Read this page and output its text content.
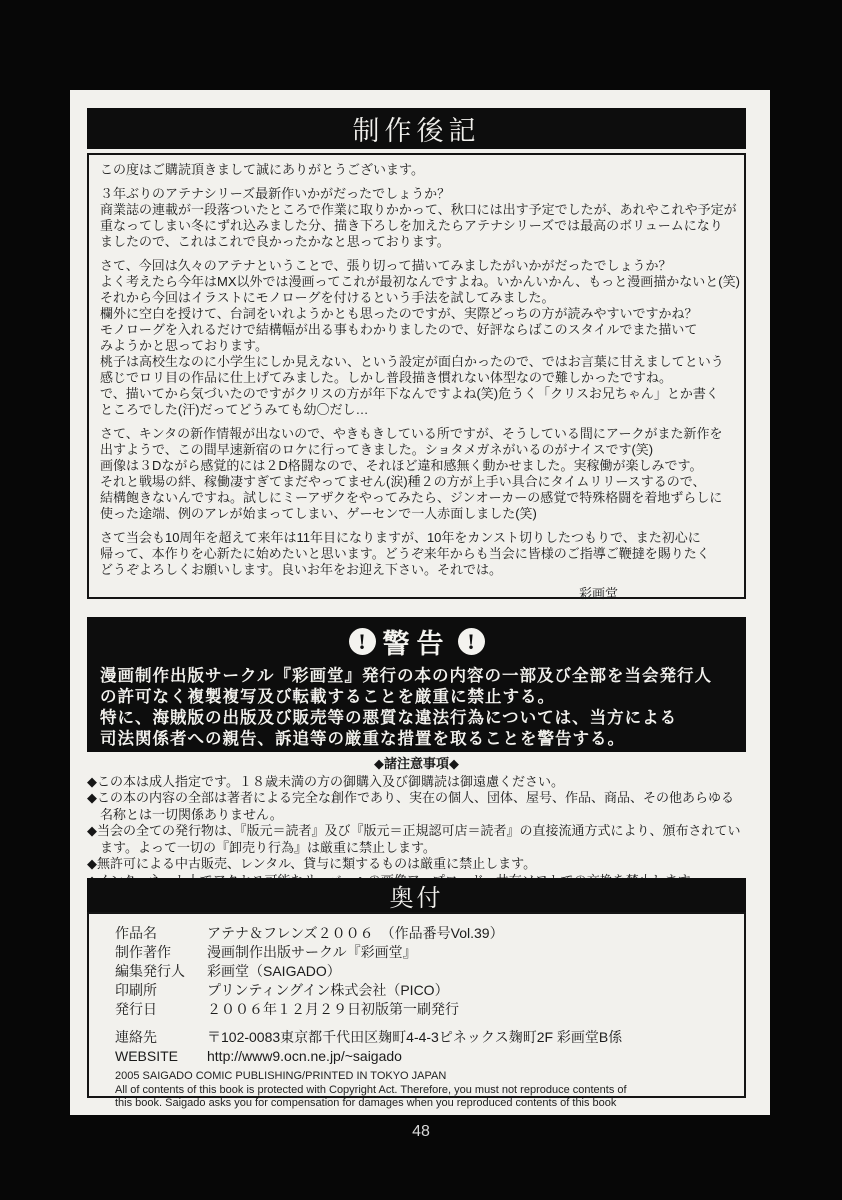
制作後記
この度はご購読頂きまして誠にありがとうございます。
３年ぶりのアテナシリーズ最新作いかがだったでしょうか？
商業誌の連載が一段落ついたところで作業に取りかかって、秋口には出す予定でしたが、あれやこれや予定が
重なってしまい冬にずれ込みました分、描き下ろしを加えたらアテナシリーズでは最高のボリュームになり
ましたので、これはこれで良かったかなと思っております。
さて、今回は久々のアテナということで、張り切って描いてみましたがいかがだったでしょうか？
よく考えたら今年はMX以外では漫画ってこれが最初なんですよね。いかんいかん、もっと漫画描かないと(笑)
それから今回はイラストにモノローグを付けるという手法を試してみました。
欄外に空白を授けて、台詞をいれようかとも思ったのですが、実際どっちの方が読みやすいですかね？
モノローグを入れるだけで結構幅が出る事もわかりましたので、好評ならばこのスタイルでまた描いて
みようかと思っております。
桃子は高校生なのに小学生にしか見えない、という設定が面白かったので、ではお言葉に甘えましてという
感じでロリ目の作品に仕上げてみました。しかし普段描き慣れない体型なので難しかったですね。
で、描いてから気づいたのですがクリスの方が年下なんですよね(笑)危うく「クリスお兄ちゃん」とか書く
ところでした(汗)だってどうみても幼〇だし…
さて、キンタの新作情報が出ないので、やきもきしている所ですが、そうしている間にアークがまた新作を
出すようで、この間早速新宿のロケに行ってきました。ショタメガネがいるのがナイスです(笑)
画像は３Dながら感覚的には２D格闘なので、それほど違和感無く動かせました。実稼働が楽しみです。
それと戦場の絆、稼働凄すぎてまだやってません(涙)種２の方が上手い具合にタイムリリースするので、
結構飽きないんですね。試しにミーアザクをやってみたら、ジンオーカーの感覚で特殊格闘を着地ずらしに
使った途端、例のアレが始まってしまい、ゲーセンで一人赤面しました(笑)
さて当会も10周年を超えて来年は11年目になりますが、10年をカンスト切りしたつもりで、また初心に
帰って、本作りを心新たに始めたいと思います。どうぞ来年からも当会に皆様のご指導ご鞭撻を賜りたく
どうぞよろしくお願いします。良いお年をお迎え下さい。それでは。
彩画堂
! 警告 !
漫画制作出版サークル『彩画堂』発行の本の内容の一部及び全部を当会発行人
の許可なく複製複写及び転載することを厳重に禁止する。
特に、海賊版の出版及び販売等の悪質な違法行為については、当方による
司法関係者への親告、訴追等の厳重な措置を取ることを警告する。
◆諸注意事項◆
◆この本は成人指定です。１８歳未満の方の御購入及び御購読は御遠慮ください。
◆この本の内容の全部は著者による完全な創作であり、実在の個人、団体、屋号、作品、商品、その他あらゆる名称とは一切関係ありません。
◆当会の全ての発行物は、『版元＝読者』及び『版元＝正規認可店＝読者』の直接流通方式により、頒布されています。よって一切の『卸売り行為』は厳重に禁止します。
◆無許可による中古販売、レンタル、貸与に類するものは厳重に禁止します。
奥付
作品名	アテナ＆フレンズ２００６　（作品番号Vol.39）
制作著作	漫画制作出版サークル『彩画堂』
編集発行人	彩画堂（SAIGADO）
印刷所	プリンティングイン株式会社（PICO）
発行日	２００６年１２月２９日初版第一刷発行
連絡先	〒102-0083東京都千代田区麹町4-4-3ピネックス麹町2F 彩画堂B係
WEBSITE	http://www9.ocn.ne.jp/~saigado
2005 SAIGADO COMIC PUBLISHING/PRINTED IN TOKYO JAPAN
All of contents of this book is protected with Copyright Act. Therefore, you must not reproduce contents of
this book. Saigado asks you for compensation for damages when you reproduced contents of this book
48
